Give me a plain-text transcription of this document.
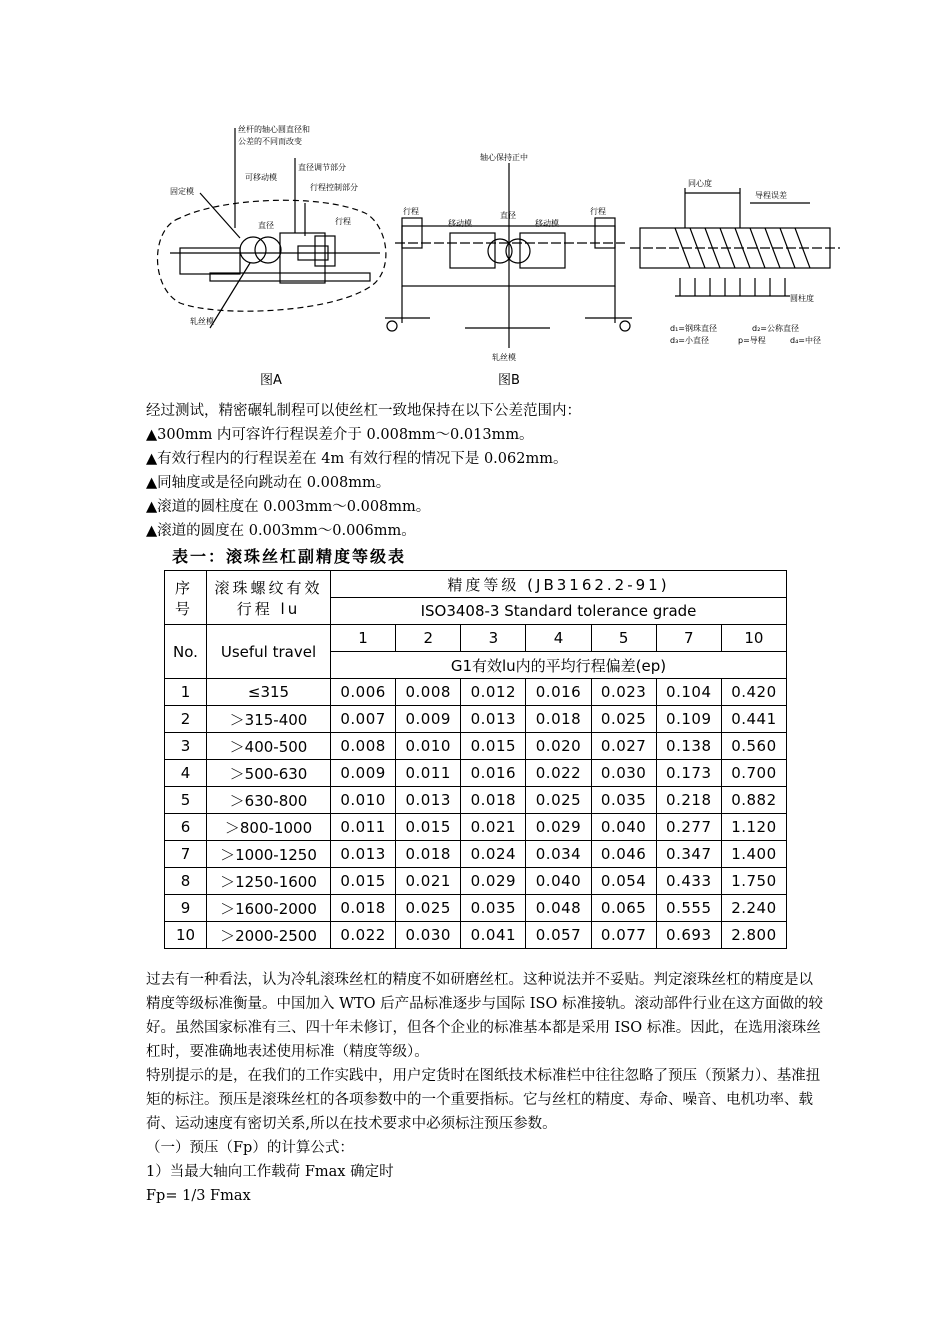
丝杆的轴心圆直径和
公差的不同而改变
直径调节部分
可移动模
行程控制部分
固定模
直径	行程
轧丝模
轴心保持正中
行程
移动模
直径
移动模
行程
轧丝模
同心度
导程误差
圆柱度
d₁=钢珠直径	d₂=公称直径
d₃=小直径	p=导程	d₄=中径
图A	图B
经过测试，精密碾轧制程可以使丝杠一致地保持在以下公差范围内：
▲300mm 内可容许行程误差介于 0.008mm～0.013mm。
▲有效行程内的行程误差在 4m 有效行程的情况下是 0.062mm。
▲同轴度或是径向跳动在 0.008mm。
▲滚道的圆柱度在 0.003mm～0.008mm。
▲滚道的圆度在 0.003mm～0.006mm。
表一：滚珠丝杠副精度等级表
序号	滚珠螺纹有效行程 lu	精度等级 (JB3162.2-91)						
		ISO3408-3 Standard tolerance grade						
No.	Useful travel	1	2	3	4	5	7	10
		G1有效lu内的平均行程偏差(ep)						
1	≤315	0.006	0.008	0.012	0.016	0.023	0.104	0.420
2	＞315-400	0.007	0.009	0.013	0.018	0.025	0.109	0.441
3	＞400-500	0.008	0.010	0.015	0.020	0.027	0.138	0.560
4	＞500-630	0.009	0.011	0.016	0.022	0.030	0.173	0.700
5	＞630-800	0.010	0.013	0.018	0.025	0.035	0.218	0.882
6	＞800-1000	0.011	0.015	0.021	0.029	0.040	0.277	1.120
7	＞1000-1250	0.013	0.018	0.024	0.034	0.046	0.347	1.400
8	＞1250-1600	0.015	0.021	0.029	0.040	0.054	0.433	1.750
9	＞1600-2000	0.018	0.025	0.035	0.048	0.065	0.555	2.240
10	＞2000-2500	0.022	0.030	0.041	0.057	0.077	0.693	2.800
过去有一种看法，认为冷轧滚珠丝杠的精度不如研磨丝杠。这种说法并不妥贴。判定滚珠丝杠的精度是以精度等级标准衡量。中国加入 WTO 后产品标准逐步与国际 ISO 标准接轨。滚动部件行业在这方面做的较好。虽然国家标准有三、四十年未修订，但各个企业的标准基本都是采用 ISO 标准。因此，在选用滚珠丝杠时，要准确地表述使用标准（精度等级）。
特别提示的是，在我们的工作实践中，用户定货时在图纸技术标准栏中往往忽略了预压（预紧力）、基准扭矩的标注。预压是滚珠丝杠的各项参数中的一个重要指标。它与丝杠的精度、寿命、噪音、电机功率、载荷、运动速度有密切关系,所以在技术要求中必须标注预压参数。
（一）预压（Fp）的计算公式：
1）当最大轴向工作载荷 Fmax 确定时
Fp= 1/3 Fmax
